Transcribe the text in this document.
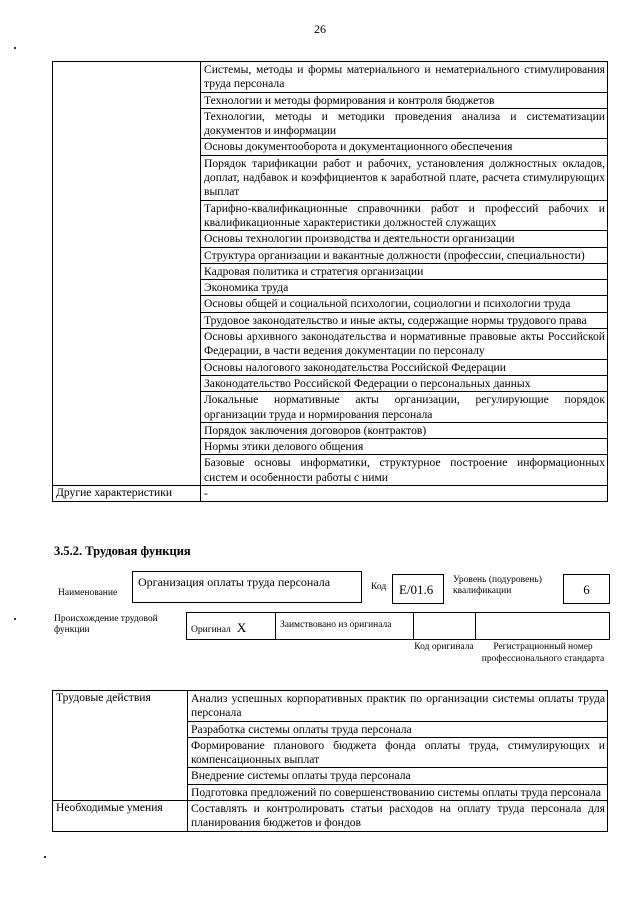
26
	Системы, методы и формы материального и нематериального стимулирования труда персонала
	Технологии и методы формирования и контроля бюджетов
	Технологии, методы и методики проведения анализа и систематизации документов и информации
	Основы документооборота и документационного обеспечения
	Порядок тарификации работ и рабочих, установления должностных окладов, доплат, надбавок и коэффициентов к заработной плате, расчета стимулирующих выплат
	Тарифно-квалификационные справочники работ и профессий рабочих и квалификационные характеристики должностей служащих
	Основы технологии производства и деятельности организации
	Структура организации и вакантные должности (профессии, специальности)
	Кадровая политика и стратегия организации
	Экономика труда
	Основы общей и социальной психологии, социологии и психологии труда
	Трудовое законодательство и иные акты, содержащие нормы трудового права
	Основы архивного законодательства и нормативные правовые акты Российской Федерации, в части ведения документации по персоналу
	Основы налогового законодательства Российской Федерации
	Законодательство Российской Федерации о персональных данных
	Локальные нормативные акты организации, регулирующие порядок организации труда и нормирования персонала
	Порядок заключения договоров (контрактов)
	Нормы этики делового общения
	Базовые основы информатики, структурное построение информационных систем и особенности работы с ними
Другие характеристики	-
3.5.2. Трудовая функция
Наименование
Организация оплаты труда персонала	Код E/01.6
Уровень (подуровень) квалификации	6
Происхождение трудовой функции	Оригинал X	Заимствовано из оригинала
Код оригинала	Регистрационный номер профессионального стандарта
Трудовые действия	Анализ успешных корпоративных практик по организации системы оплаты труда персонала
	Разработка системы оплаты труда персонала
	Формирование планового бюджета фонда оплаты труда, стимулирующих и компенсационных выплат
	Внедрение системы оплаты труда персонала
	Подготовка предложений по совершенствованию системы оплаты труда персонала
Необходимые умения	Составлять и контролировать статьи расходов на оплату труда персонала для планирования бюджетов и фондов
